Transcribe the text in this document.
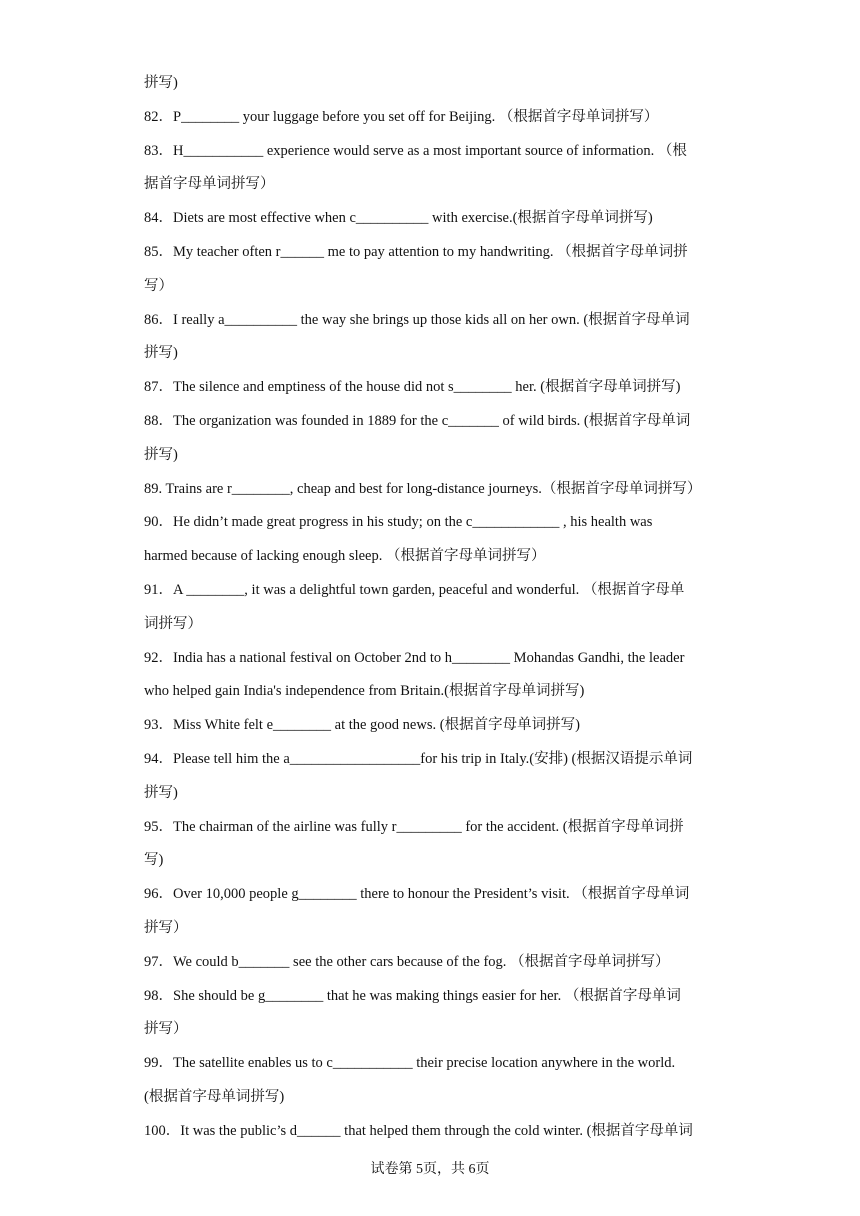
拼写)
82．P________ your luggage before you set off for Beijing. （根据首字母单词拼写）
83．H___________ experience would serve as a most important source of information. （根
据首字母单词拼写）
84．Diets are most effective when c__________ with exercise.(根据首字母单词拼写)
85．My teacher often r______ me to pay attention to my handwriting. （根据首字母单词拼
写）
86．I really a__________ the way she brings up those kids all on her own. (根据首字母单词
拼写)
87．The silence and emptiness of the house did not s________ her. (根据首字母单词拼写)
88．The organization was founded in 1889 for the c_______ of wild birds. (根据首字母单词
拼写)
89. Trains are r________, cheap and best for long-distance journeys.（根据首字母单词拼写）
90．He didn’t made great progress in his study; on the c____________ , his health was
harmed because of lacking enough sleep. （根据首字母单词拼写）
91．A ________, it was a delightful town garden, peaceful and wonderful. （根据首字母单
词拼写）
92．India has a national festival on October 2nd to h________ Mohandas Gandhi, the leader
who helped gain India's independence from Britain.(根据首字母单词拼写)
93．Miss White felt e________ at the good news. (根据首字母单词拼写)
94．Please tell him the a__________________for his trip in Italy.(安排) (根据汉语提示单词
拼写)
95．The chairman of the airline was fully r_________ for the accident. (根据首字母单词拼
写)
96．Over 10,000 people g________ there to honour the President’s visit. （根据首字母单词
拼写）
97．We could b_______ see the other cars because of the fog. （根据首字母单词拼写）
98．She should be g________ that he was making things easier for her. （根据首字母单词
拼写）
99．The satellite enables us to c___________ their precise location anywhere in the world.
(根据首字母单词拼写)
100．It was the public’s d______ that helped them through the cold winter. (根据首字母单词
试卷第 5页，共 6页
